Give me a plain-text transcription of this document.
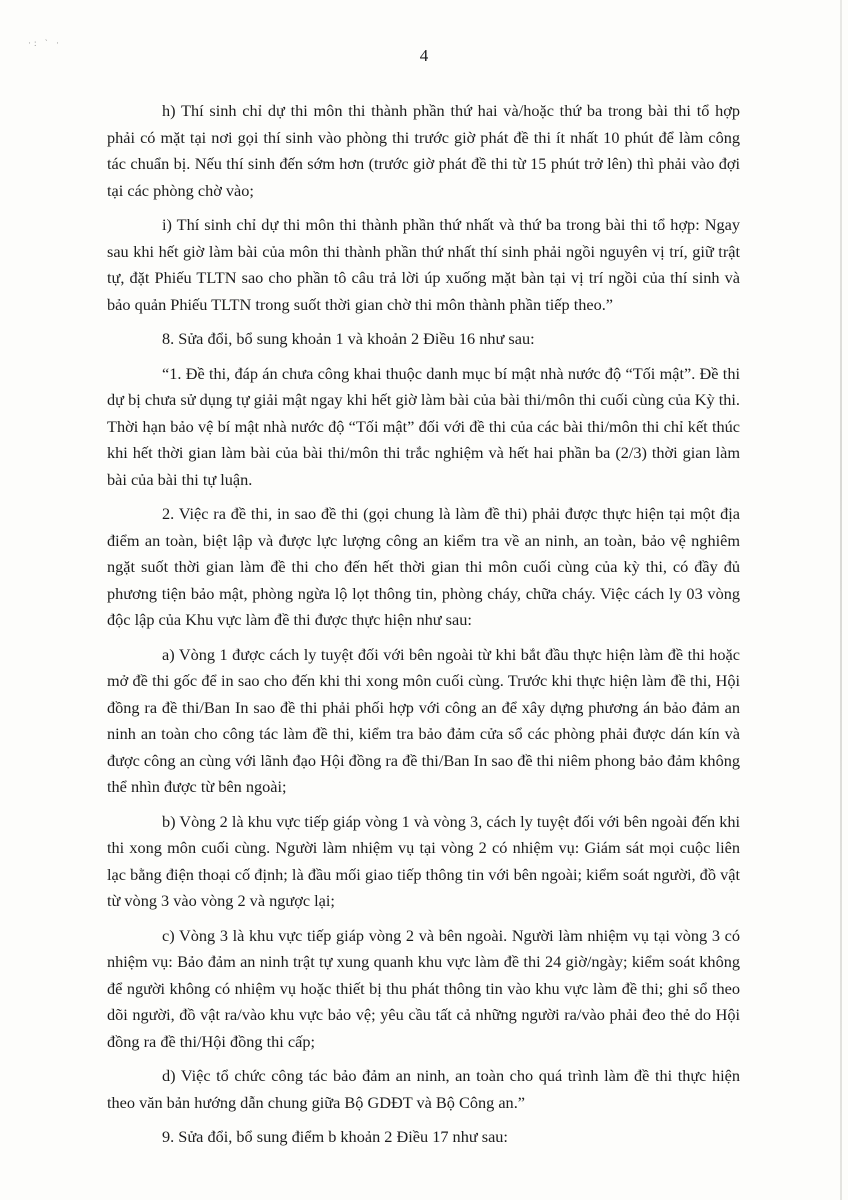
·: ` ·
4

h) Thí sinh chỉ dự thi môn thi thành phần thứ hai và/hoặc thứ ba trong bài thi tổ hợp phải có mặt tại nơi gọi thí sinh vào phòng thi trước giờ phát đề thi ít nhất 10 phút để làm công tác chuẩn bị. Nếu thí sinh đến sớm hơn (trước giờ phát đề thi từ 15 phút trở lên) thì phải vào đợi tại các phòng chờ vào;

i) Thí sinh chỉ dự thi môn thi thành phần thứ nhất và thứ ba trong bài thi tổ hợp: Ngay sau khi hết giờ làm bài của môn thi thành phần thứ nhất thí sinh phải ngồi nguyên vị trí, giữ trật tự, đặt Phiếu TLTN sao cho phần tô câu trả lời úp xuống mặt bàn tại vị trí ngồi của thí sinh và bảo quản Phiếu TLTN trong suốt thời gian chờ thi môn thành phần tiếp theo.”

8. Sửa đổi, bổ sung khoản 1 và khoản 2 Điều 16 như sau:

“1. Đề thi, đáp án chưa công khai thuộc danh mục bí mật nhà nước độ “Tối mật”. Đề thi dự bị chưa sử dụng tự giải mật ngay khi hết giờ làm bài của bài thi/môn thi cuối cùng của Kỳ thi. Thời hạn bảo vệ bí mật nhà nước độ “Tối mật” đối với đề thi của các bài thi/môn thi chỉ kết thúc khi hết thời gian làm bài của bài thi/môn thi trắc nghiệm và hết hai phần ba (2/3) thời gian làm bài của bài thi tự luận.

2. Việc ra đề thi, in sao đề thi (gọi chung là làm đề thi) phải được thực hiện tại một địa điểm an toàn, biệt lập và được lực lượng công an kiểm tra về an ninh, an toàn, bảo vệ nghiêm ngặt suốt thời gian làm đề thi cho đến hết thời gian thi môn cuối cùng của kỳ thi, có đầy đủ phương tiện bảo mật, phòng ngừa lộ lọt thông tin, phòng cháy, chữa cháy. Việc cách ly 03 vòng độc lập của Khu vực làm đề thi được thực hiện như sau:

a) Vòng 1 được cách ly tuyệt đối với bên ngoài từ khi bắt đầu thực hiện làm đề thi hoặc mở đề thi gốc để in sao cho đến khi thi xong môn cuối cùng. Trước khi thực hiện làm đề thi, Hội đồng ra đề thi/Ban In sao đề thi phải phối hợp với công an để xây dựng phương án bảo đảm an ninh an toàn cho công tác làm đề thi, kiểm tra bảo đảm cửa sổ các phòng phải được dán kín và được công an cùng với lãnh đạo Hội đồng ra đề thi/Ban In sao đề thi niêm phong bảo đảm không thể nhìn được từ bên ngoài;

b) Vòng 2 là khu vực tiếp giáp vòng 1 và vòng 3, cách ly tuyệt đối với bên ngoài đến khi thi xong môn cuối cùng. Người làm nhiệm vụ tại vòng 2 có nhiệm vụ: Giám sát mọi cuộc liên lạc bằng điện thoại cố định; là đầu mối giao tiếp thông tin với bên ngoài; kiểm soát người, đồ vật từ vòng 3 vào vòng 2 và ngược lại;

c) Vòng 3 là khu vực tiếp giáp vòng 2 và bên ngoài. Người làm nhiệm vụ tại vòng 3 có nhiệm vụ: Bảo đảm an ninh trật tự xung quanh khu vực làm đề thi 24 giờ/ngày; kiểm soát không để người không có nhiệm vụ hoặc thiết bị thu phát thông tin vào khu vực làm đề thi; ghi sổ theo dõi người, đồ vật ra/vào khu vực bảo vệ; yêu cầu tất cả những người ra/vào phải đeo thẻ do Hội đồng ra đề thi/Hội đồng thi cấp;

d) Việc tổ chức công tác bảo đảm an ninh, an toàn cho quá trình làm đề thi thực hiện theo văn bản hướng dẫn chung giữa Bộ GDĐT và Bộ Công an.”

9. Sửa đổi, bổ sung điểm b khoản 2 Điều 17 như sau:
